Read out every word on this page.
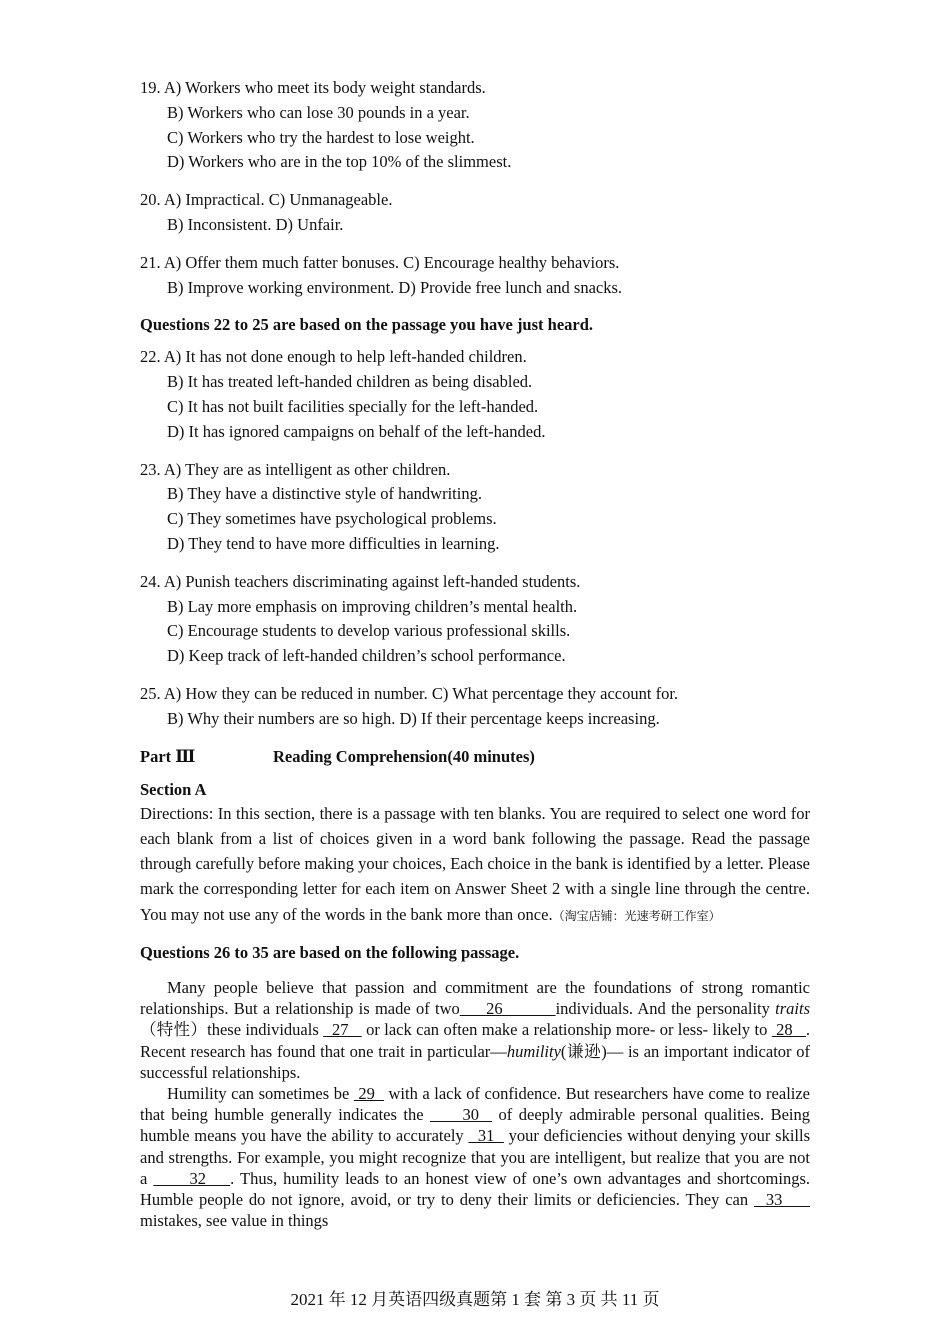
19. A) Workers who meet its body weight standards.
B) Workers who can lose 30 pounds in a year.
C) Workers who try the hardest to lose weight.
D) Workers who are in the top 10% of the slimmest.
20. A) Impractical. C) Unmanageable.
B) Inconsistent. D) Unfair.
21. A) Offer them much fatter bonuses. C) Encourage healthy behaviors.
B) Improve working environment. D) Provide free lunch and snacks.
Questions 22 to 25 are based on the passage you have just heard.
22. A) It has not done enough to help left-handed children.
B) It has treated left-handed children as being disabled.
C) It has not built facilities specially for the left-handed.
D) It has ignored campaigns on behalf of the left-handed.
23. A) They are as intelligent as other children.
B) They have a distinctive style of handwriting.
C) They sometimes have psychological problems.
D) They tend to have more difficulties in learning.
24. A) Punish teachers discriminating against left-handed students.
B) Lay more emphasis on improving children’s mental health.
C) Encourage students to develop various professional skills.
D) Keep track of left-handed children’s school performance.
25. A) How they can be reduced in number. C) What percentage they account for.
B) Why their numbers are so high. D) If their percentage keeps increasing.
Part Ⅲ	Reading Comprehension(40 minutes)
Section A
Directions: In this section, there is a passage with ten blanks. You are required to select one word for each blank from a list of choices given in a word bank following the passage. Read the passage through carefully before making your choices, Each choice in the bank is identified by a letter. Please mark the corresponding letter for each item on Answer Sheet 2 with a single line through the centre. You may not use any of the words in the bank more than once.（淘宝店铺：光速考研工作室）
Questions 26 to 35 are based on the following passage.
Many people believe that passion and commitment are the foundations of strong romantic relationships. But a relationship is made of two     26          individuals. And the personality traits（特性）these individuals   27    or lack can often make a relationship more- or less- likely to  28   . Recent research has found that one trait in particular—humility(谦逊)— is an important indicator of successful relationships.
Humility can sometimes be  29   with a lack of confidence. But researchers have come to realize that being humble generally indicates the      30   of deeply admirable personal qualities. Being humble means you have the ability to accurately   31   your deficiencies without denying your skills and strengths. For example, you might recognize that you are intelligent, but realize that you are not a       32    . Thus, humility leads to an honest view of one’s own advantages and shortcomings. Humble people do not ignore, avoid, or try to deny their limits or deficiencies. They can   33      mistakes, see value in things
2021 年 12 月英语四级真题第 1 套 第 3 页 共 11 页
